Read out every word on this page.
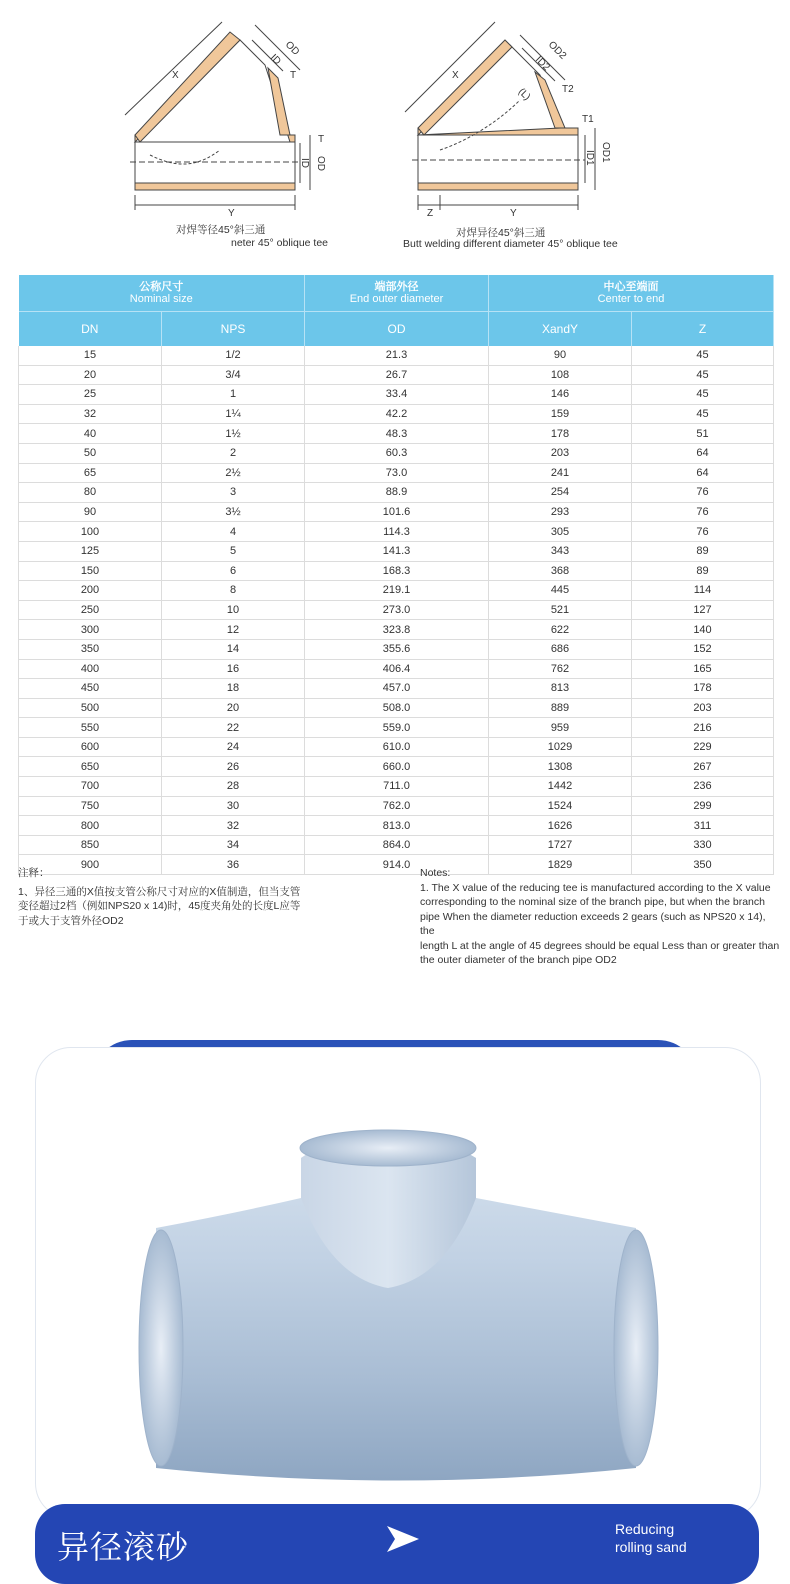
X
OD
ID
T
T
ID OD
Y
X
OD2
ID2
T2
(L)
T1
ID1 OD1
Z	Y
对焊等径45°斜三通
neter 45° oblique tee
对焊异径45°斜三通
Butt welding different diameter 45° oblique tee
公称尺寸
Nominal size		端部外径
End outer diameter	中心至端面
Center to end	
DN	NPS	OD	XandY	Z
15	1/2	21.3	90	45
20	3/4	26.7	108	45
25	1	33.4	146	45
32	1¼	42.2	159	45
40	1½	48.3	178	51
50	2	60.3	203	64
65	2½	73.0	241	64
80	3	88.9	254	76
90	3½	101.6	293	76
100	4	114.3	305	76
125	5	141.3	343	89
150	6	168.3	368	89
200	8	219.1	445	114
250	10	273.0	521	127
300	12	323.8	622	140
350	14	355.6	686	152
400	16	406.4	762	165
450	18	457.0	813	178
500	20	508.0	889	203
550	22	559.0	959	216
600	24	610.0	1029	229
650	26	660.0	1308	267
700	28	711.0	1442	236
750	30	762.0	1524	299
800	32	813.0	1626	311
850	34	864.0	1727	330
900	36	914.0	1829	350
注释：
1、异径三通的X值按支管公称尺寸对应的X值制造，但当支管
变径超过2档（例如NPS20 x 14)时，45度夹角处的长度L应等
于或大于支管外径OD2
Notes:
1. The X value of the reducing tee is manufactured according to the X value
corresponding to the nominal size of the branch pipe, but when the branch
pipe When the diameter reduction exceeds 2 gears (such as NPS20 x 14), the
length L at the angle of 45 degrees should be equal Less than or greater than
the outer diameter of the branch pipe OD2
异径滚砂	Reducing
rolling sand
